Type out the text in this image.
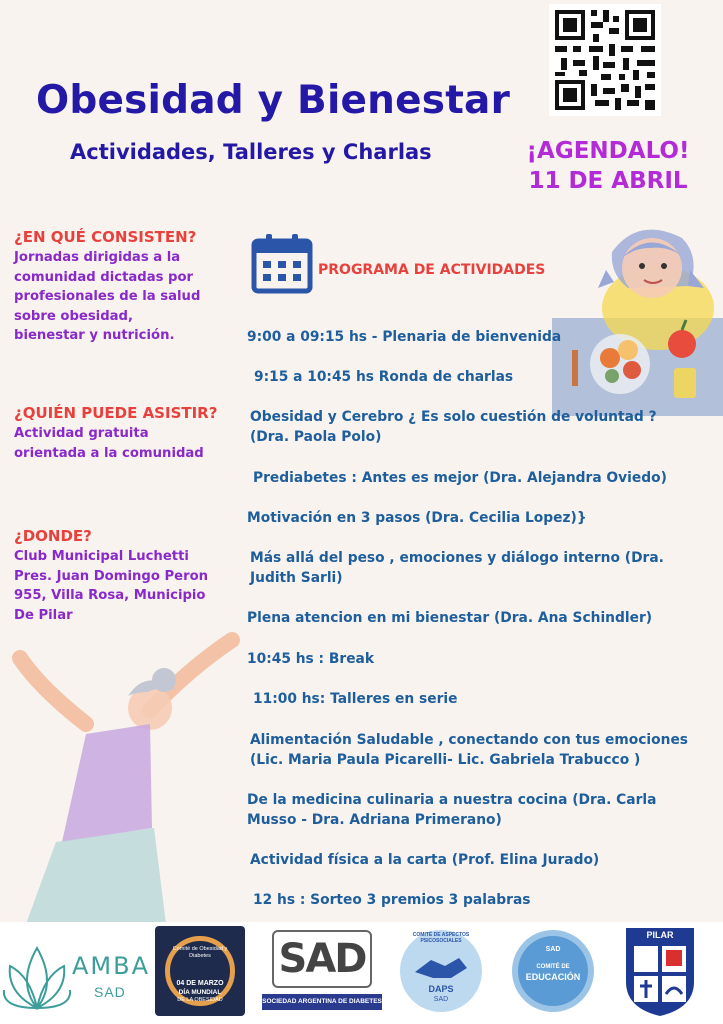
Obesidad y Bienestar
Actividades, Talleres y Charlas	¡AGENDALO!
11 DE ABRIL
¿EN QUÉ CONSISTEN?
Jornadas dirigidas a la
comunidad dictadas por
profesionales de la salud
sobre obesidad,
bienestar y nutrición.
¿QUIÉN PUEDE ASISTIR?
Actividad gratuita
orientada a la comunidad
¿DONDE?
Club Municipal Luchetti
Pres. Juan Domingo Peron
955, Villa Rosa, Municipio
De Pilar
PROGRAMA DE ACTIVIDADES
9:00 a 09:15 hs - Plenaria de bienvenida
9:15 a 10:45 hs Ronda de charlas
Obesidad y Cerebro ¿ Es solo cuestión de voluntad ?
(Dra. Paola Polo)
Prediabetes : Antes es mejor (Dra. Alejandra Oviedo)
Motivación en 3 pasos (Dra. Cecilia Lopez)}
Más allá del peso , emociones y diálogo interno (Dra.
Judith Sarli)
Plena atencion en mi bienestar (Dra. Ana Schindler)
10:45 hs : Break
11:00 hs: Talleres en serie
Alimentación Saludable , conectando con tus emociones
(Lic. Maria Paula Picarelli- Lic. Gabriela Trabucco )
De la medicina culinaria a nuestra cocina (Dra. Carla
Musso - Dra. Adriana Primerano)
Actividad física a la carta (Prof. Elina Jurado)
12 hs : Sorteo 3 premios 3 palabras
AMBA
SAD
Comité de Obesidad y Diabetes
04 DE MARZO
DÍA MUNDIAL
DE LA OBESIDAD
SAD
SOCIEDAD ARGENTINA DE DIABETES
COMITÉ DE ASPECTOS PSICOSOCIALES
DAPS
SAD
SAD
COMITÉ DE
EDUCACIÓN
PILAR
